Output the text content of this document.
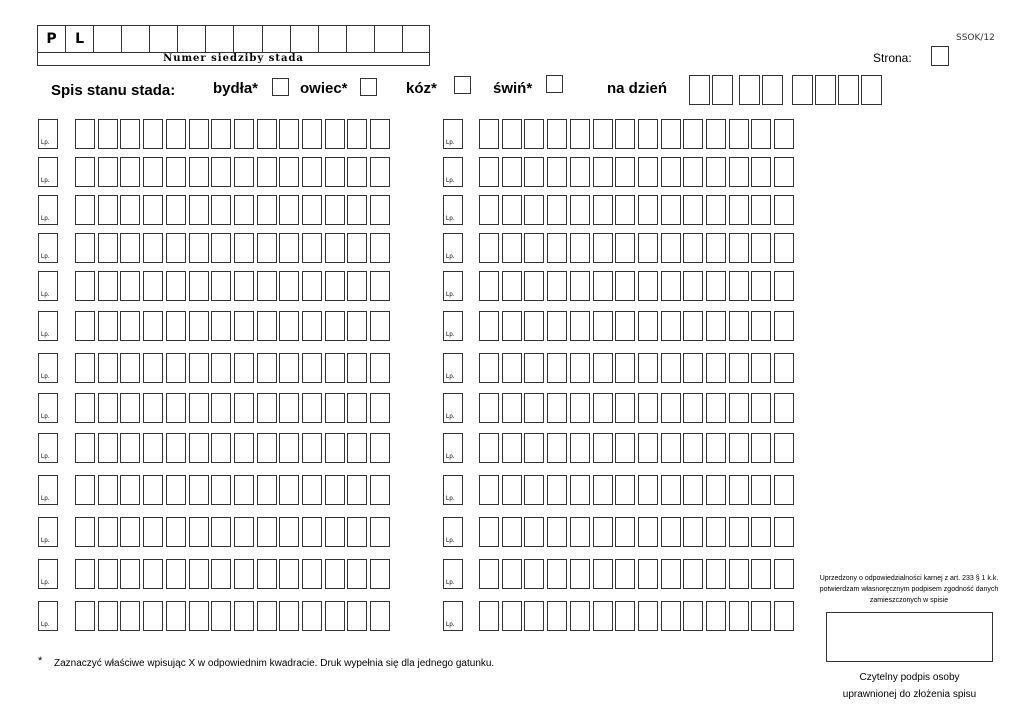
P	L
Numer siedziby stada
SSOK/12
Strona:
Spis stanu stada:	bydła*	owiec*	kóz*	świń*	na dzień
Lp.
Lp.
Lp.
Lp.
Lp.
Lp.
Lp.
Lp.
Lp.
Lp.
Lp.
Lp.
Lp.
Lp.
Lp.
Lp.
Lp.
Lp.
Lp.
Lp.
Lp.
Lp.
Lp.
Lp.
Lp.
Lp.
* Zaznaczyć właściwe wpisując X w odpowiednim kwadracie. Druk wypełnia się dla jednego gatunku.
Uprzedzony o odpowiedzialności karnej z art. 233 § 1 k.k.
potwierdzam własnoręcznym podpisem zgodność danych
zamieszczonych w spisie
Czytelny podpis osoby
uprawnionej do złożenia spisu
